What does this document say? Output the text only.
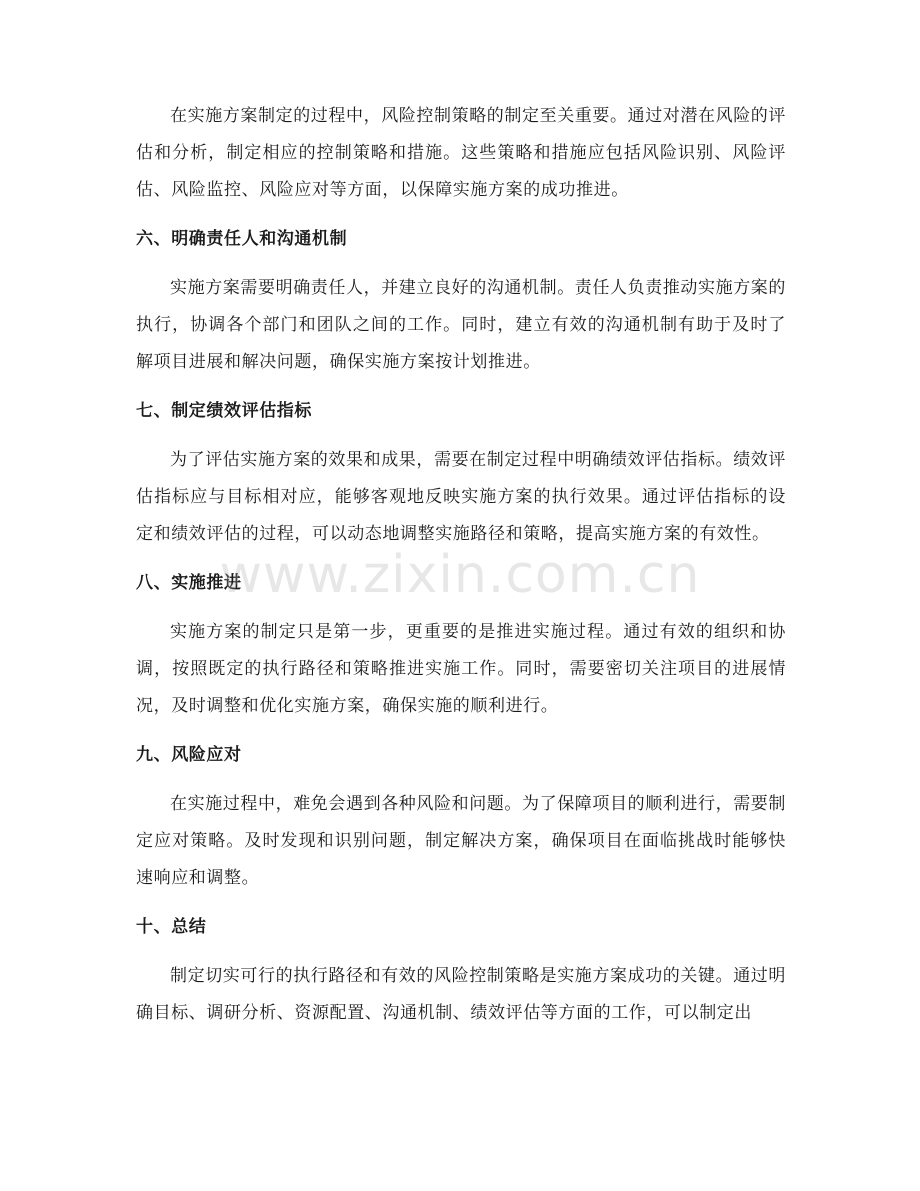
在实施方案制定的过程中，风险控制策略的制定至关重要。通过对潜在风险的评估和分析，制定相应的控制策略和措施。这些策略和措施应包括风险识别、风险评估、风险监控、风险应对等方面，以保障实施方案的成功推进。

六、明确责任人和沟通机制

实施方案需要明确责任人，并建立良好的沟通机制。责任人负责推动实施方案的执行，协调各个部门和团队之间的工作。同时，建立有效的沟通机制有助于及时了解项目进展和解决问题，确保实施方案按计划推进。

七、制定绩效评估指标

为了评估实施方案的效果和成果，需要在制定过程中明确绩效评估指标。绩效评估指标应与目标相对应，能够客观地反映实施方案的执行效果。通过评估指标的设定和绩效评估的过程，可以动态地调整实施路径和策略，提高实施方案的有效性。

八、实施推进

实施方案的制定只是第一步，更重要的是推进实施过程。通过有效的组织和协调，按照既定的执行路径和策略推进实施工作。同时，需要密切关注项目的进展情况，及时调整和优化实施方案，确保实施的顺利进行。

九、风险应对

在实施过程中，难免会遇到各种风险和问题。为了保障项目的顺利进行，需要制定应对策略。及时发现和识别问题，制定解决方案，确保项目在面临挑战时能够快速响应和调整。

十、总结

制定切实可行的执行路径和有效的风险控制策略是实施方案成功的关键。通过明确目标、调研分析、资源配置、沟通机制、绩效评估等方面的工作，可以制定出

www.zixin.com.cn
